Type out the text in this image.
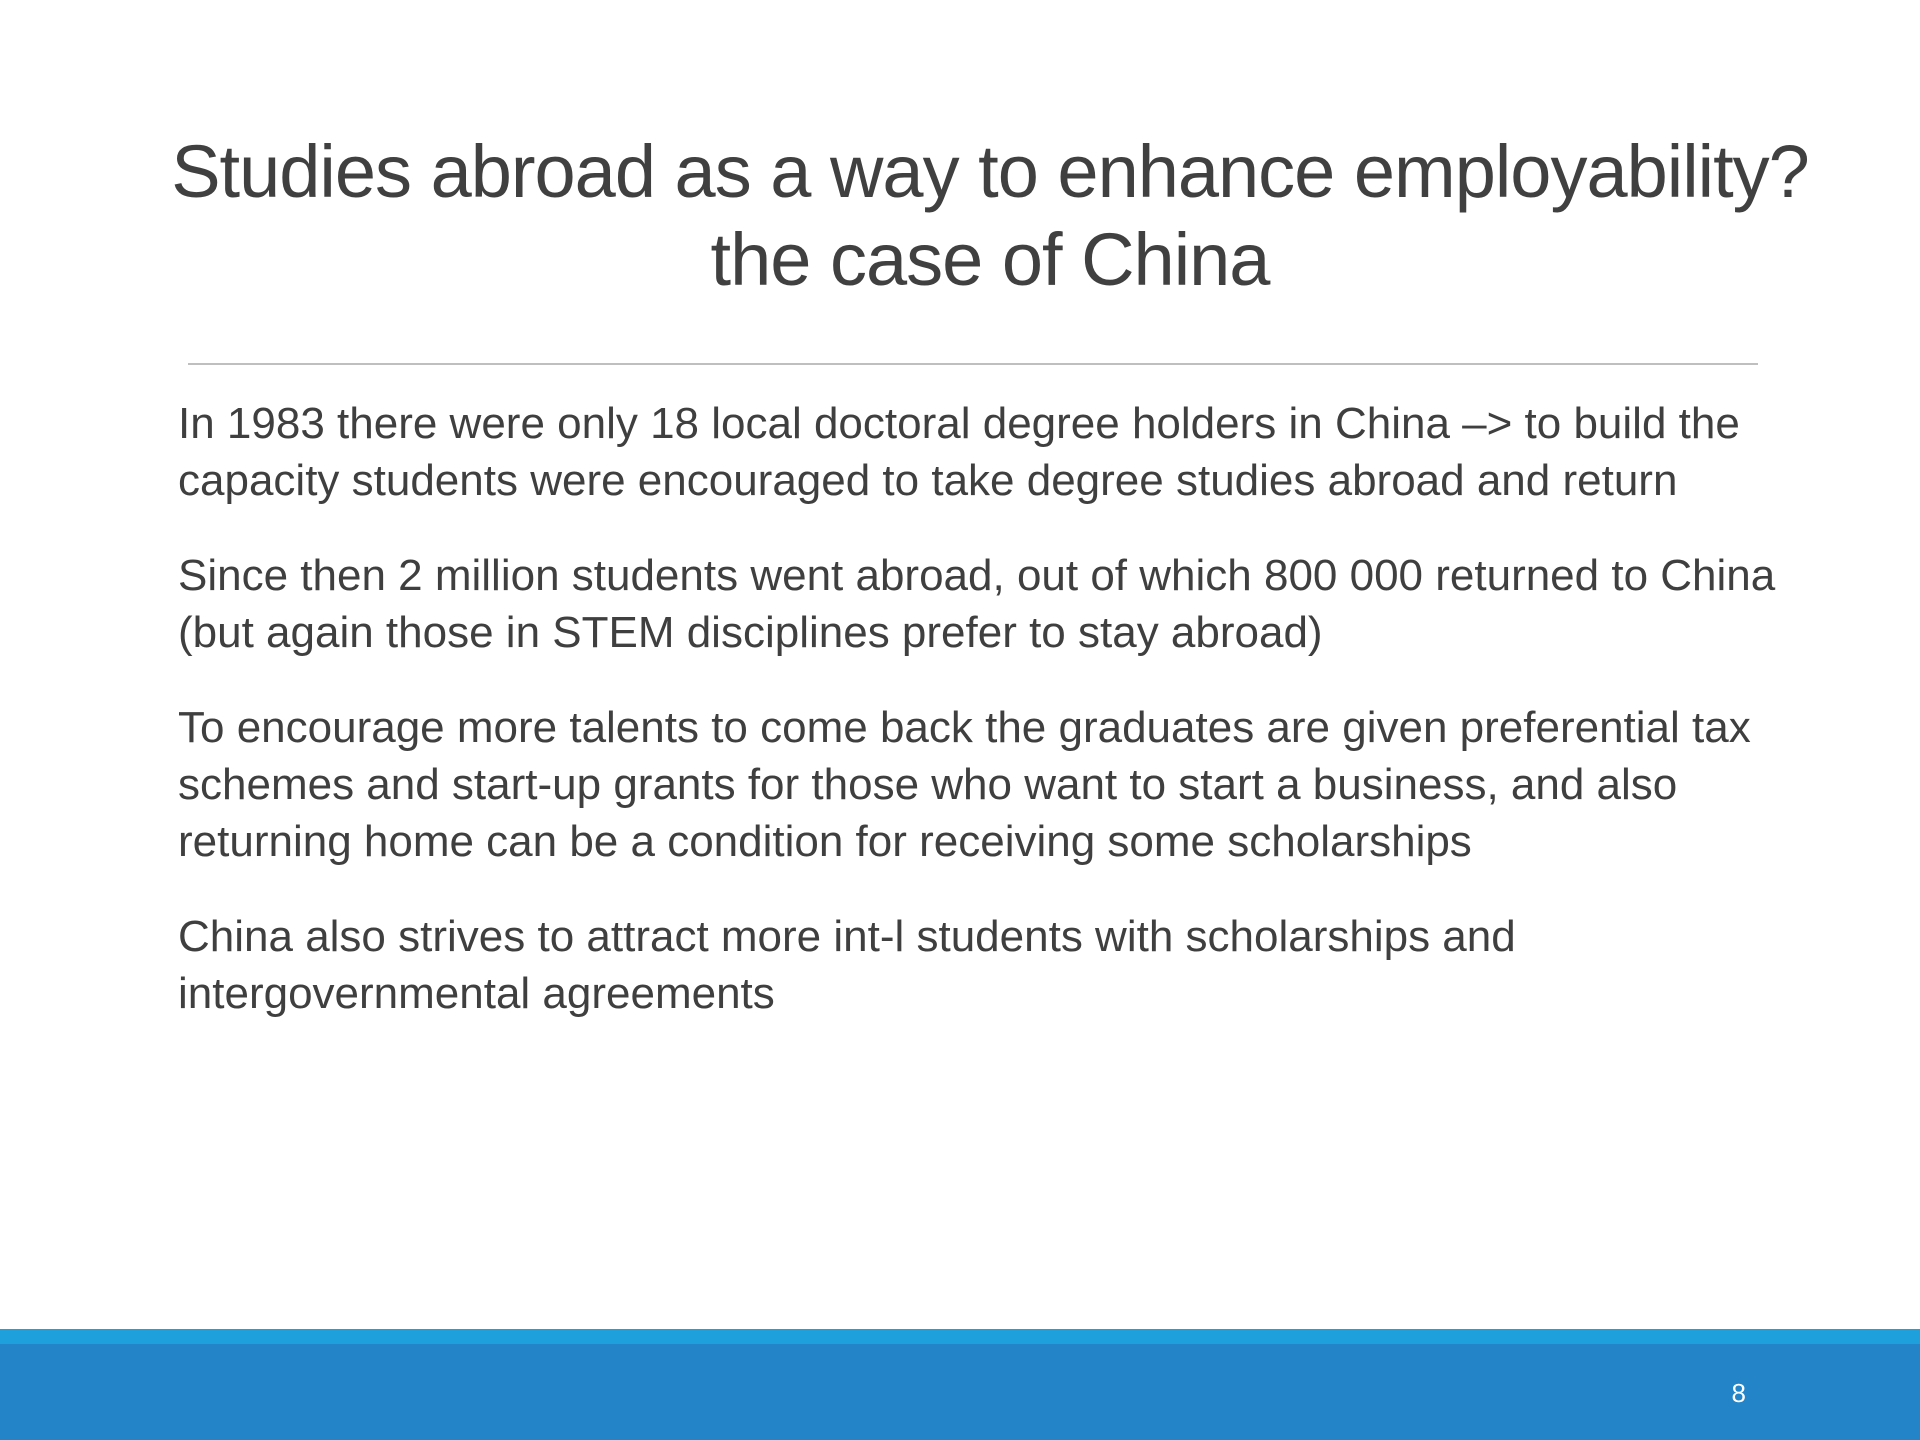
Studies abroad as a way to enhance employability?
the case of China
In 1983 there were only 18 local doctoral degree holders in China –> to build the capacity students were encouraged to take degree studies abroad and return
Since then 2 million students went abroad, out of which 800 000 returned to China (but again those in STEM disciplines prefer to stay abroad)
To encourage more talents to come back the graduates are given preferential tax schemes and start-up grants for those who want to start a business, and also returning home can be a condition for receiving some scholarships
China also strives to attract more int-l students with scholarships and intergovernmental agreements
8
